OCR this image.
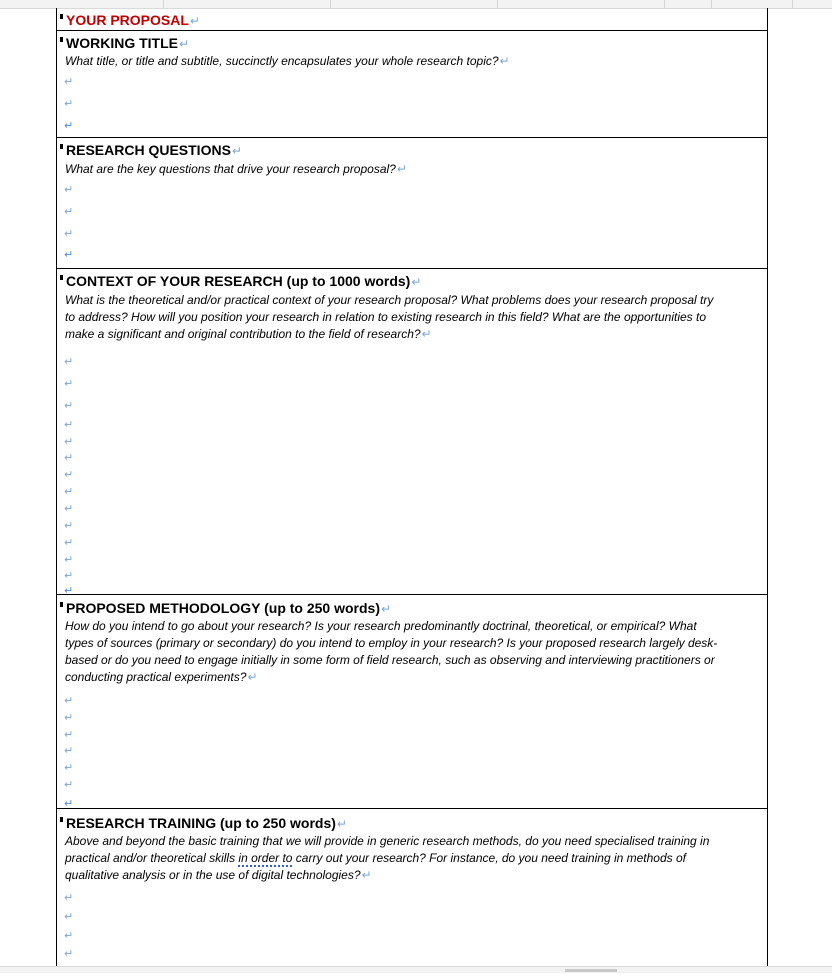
YOUR PROPOSAL↵
WORKING TITLE↵
What title, or title and subtitle, succinctly encapsulates your whole research topic?↵
↵
↵
↵
RESEARCH QUESTIONS↵
What are the key questions that drive your research proposal?↵
↵
↵
↵
↵
CONTEXT OF YOUR RESEARCH (up to 1000 words)↵
What is the theoretical and/or practical context of your research proposal? What problems does your research proposal try
to address? How will you position your research in relation to existing research in this field? What are the opportunities to
make a significant and original contribution to the field of research?↵
↵
↵
↵
↵
↵
↵
↵
↵
↵
↵
↵
↵
↵
↵
PROPOSED METHODOLOGY (up to 250 words)↵
How do you intend to go about your research? Is your research predominantly doctrinal, theoretical, or empirical? What
types of sources (primary or secondary) do you intend to employ in your research? Is your proposed research largely desk-
based or do you need to engage initially in some form of field research, such as observing and interviewing practitioners or
conducting practical experiments?↵
↵
↵
↵
↵
↵
↵
↵
RESEARCH TRAINING (up to 250 words)↵
Above and beyond the basic training that we will provide in generic research methods, do you need specialised training in
practical and/or theoretical skills in order to carry out your research? For instance, do you need training in methods of
qualitative analysis or in the use of digital technologies?↵
↵
↵
↵
↵
